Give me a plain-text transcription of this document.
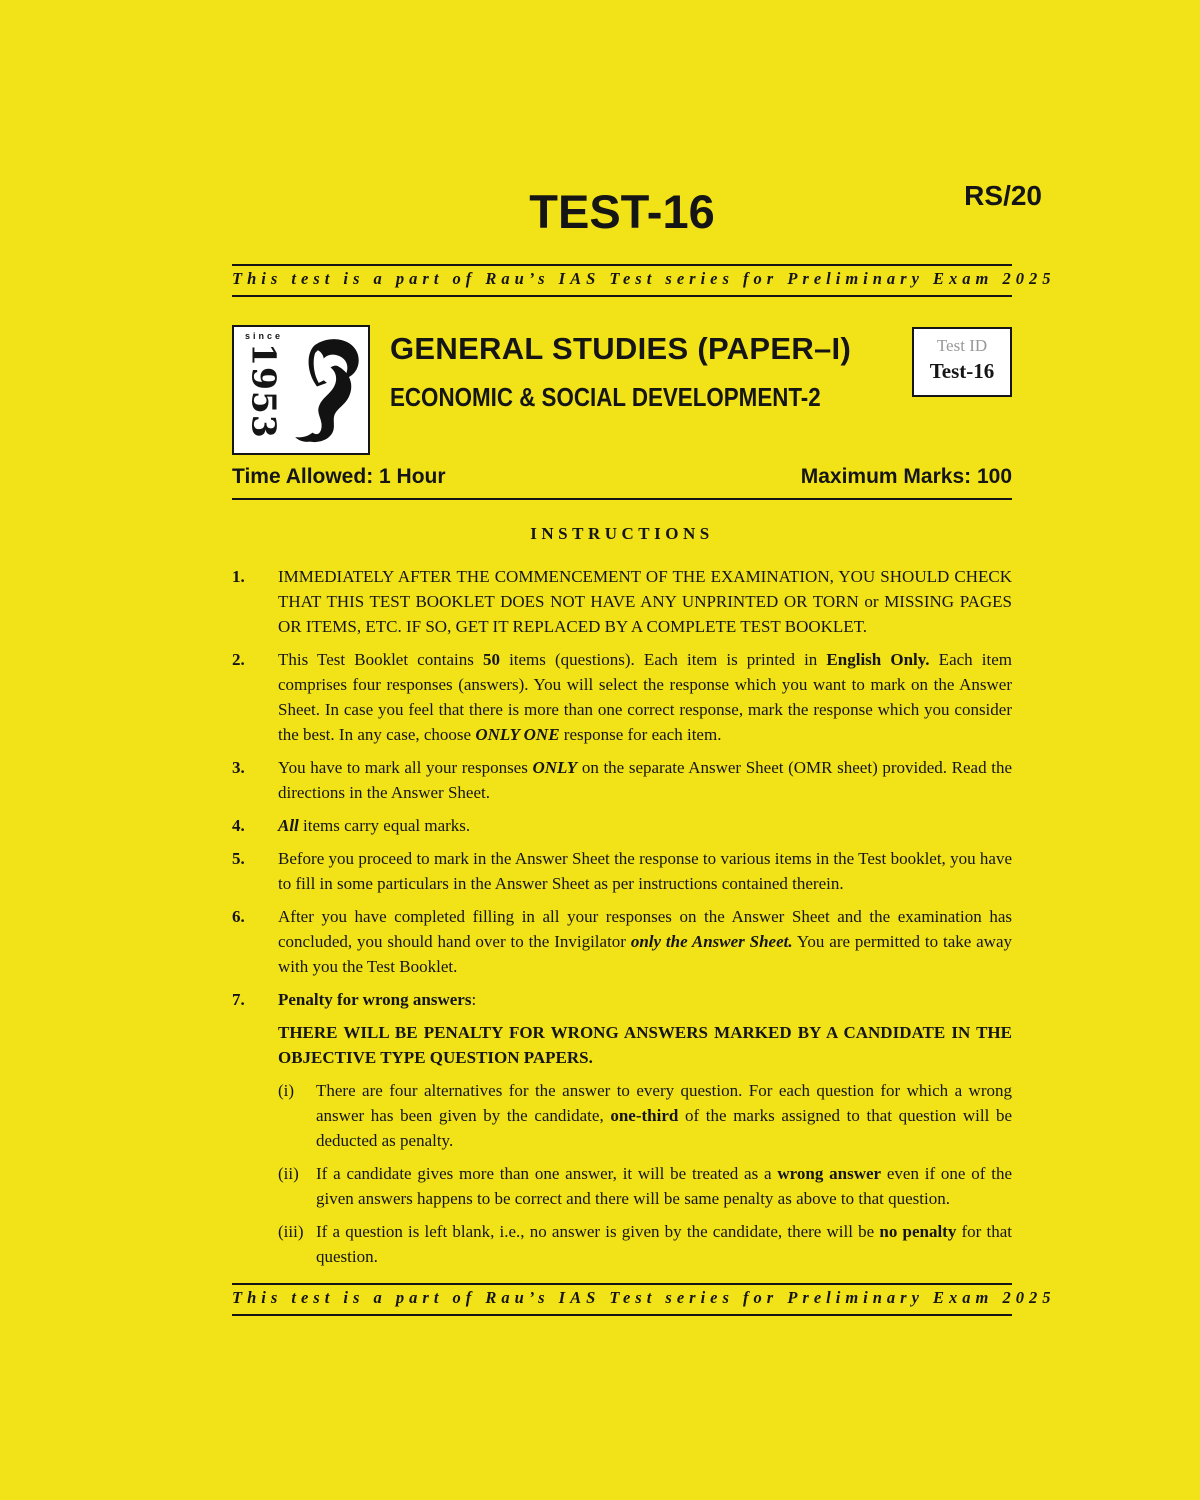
TEST-16	RS/20
This test is a part of Rau’s IAS Test series for Preliminary Exam 2025
since
1953	GENERAL STUDIES (PAPER–I)
ECONOMIC & SOCIAL DEVELOPMENT-2
Test ID
Test-16
Time Allowed: 1 Hour	Maximum Marks: 100
INSTRUCTIONS
1.	IMMEDIATELY AFTER THE COMMENCEMENT OF THE EXAMINATION, YOU SHOULD CHECK THAT THIS TEST BOOKLET DOES NOT HAVE ANY UNPRINTED OR TORN or MISSING PAGES OR ITEMS, ETC. IF SO, GET IT REPLACED BY A COMPLETE TEST BOOKLET.

2.	This Test Booklet contains 50 items (questions). Each item is printed in English Only. Each item comprises four responses (answers). You will select the response which you want to mark on the Answer Sheet. In case you feel that there is more than one correct response, mark the response which you consider the best. In any case, choose ONLY ONE response for each item.

3.	You have to mark all your responses ONLY on the separate Answer Sheet (OMR sheet) provided. Read the directions in the Answer Sheet.

4.	All items carry equal marks.

5.	Before you proceed to mark in the Answer Sheet the response to various items in the Test booklet, you have to fill in some particulars in the Answer Sheet as per instructions contained therein.

6.	After you have completed filling in all your responses on the Answer Sheet and the examination has concluded, you should hand over to the Invigilator only the Answer Sheet. You are permitted to take away with you the Test Booklet.

7.	Penalty for wrong answers:

THERE WILL BE PENALTY FOR WRONG ANSWERS MARKED BY A CANDIDATE IN THE OBJECTIVE TYPE QUESTION PAPERS.

(i)	There are four alternatives for the answer to every question. For each question for which a wrong answer has been given by the candidate, one-third of the marks assigned to that question will be deducted as penalty.

(ii)	If a candidate gives more than one answer, it will be treated as a wrong answer even if one of the given answers happens to be correct and there will be same penalty as above to that question.

(iii) If a question is left blank, i.e., no answer is given by the candidate, there will be no penalty for that question.

This test is a part of Rau’s IAS Test series for Preliminary Exam 2025
